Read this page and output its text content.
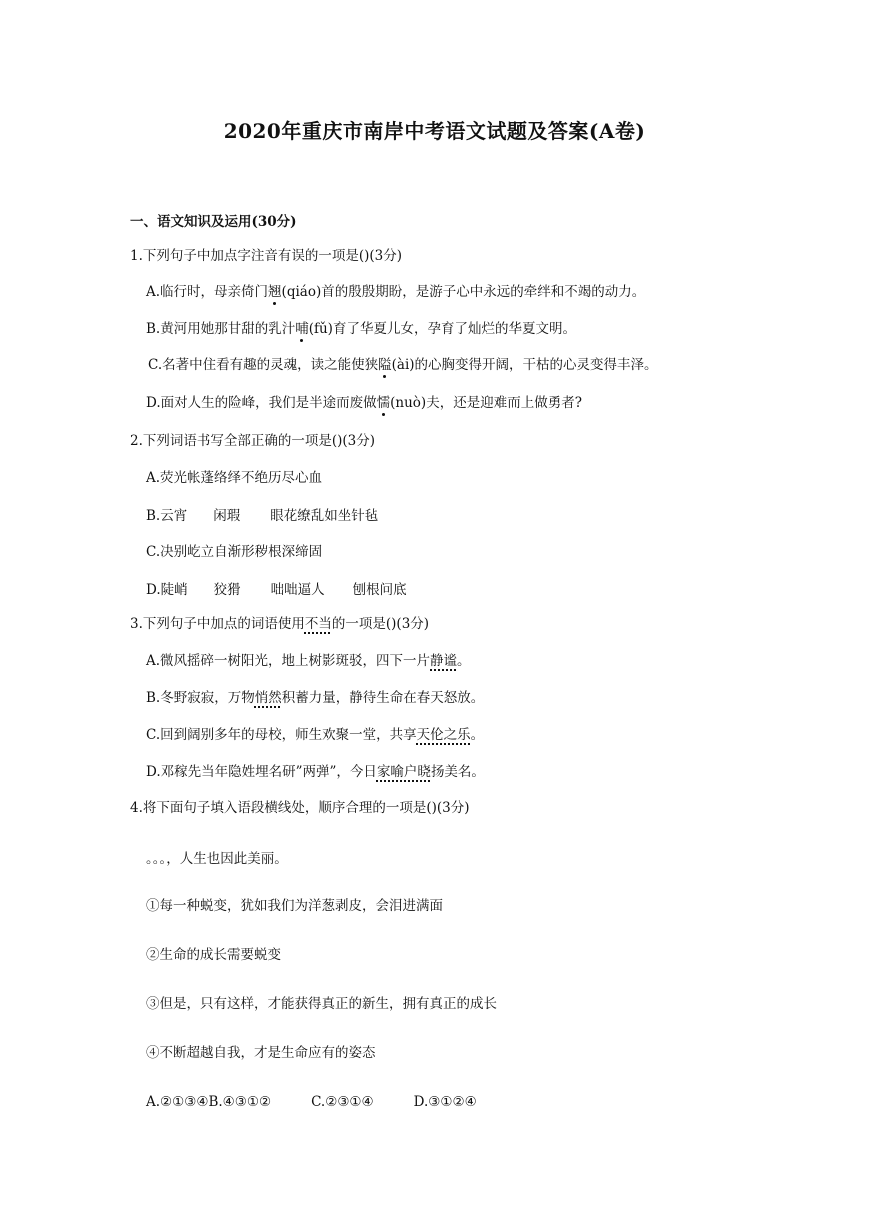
2020年重庆市南岸中考语文试题及答案(A卷)
一、语文知识及运用(30分)
1.下列句子中加点字注音有误的一项是()(3分)
A.临行时，母亲倚门翘(qiáo)首的殷殷期盼，是游子心中永远的牵绊和不竭的动力。
B.黄河用她那甘甜的乳汁哺(fǔ)育了华夏儿女，孕育了灿烂的华夏文明。
C.名著中住看有趣的灵魂，读之能使狭隘(ài)的心胸变得开阔，干枯的心灵变得丰泽。
D.面对人生的险峰，我们是半途而废做懦(nuò)夫，还是迎难而上做勇者?
2.下列词语书写全部正确的一项是()(3分)
A.荧光帐蓬络绎不绝历尽心血
B.云宵 闲瑕 眼花缭乱如坐针毡
C.决别屹立自渐形秽根深缔固
D.陡峭 狡猾 咄咄逼人 刨根问底
3.下列句子中加点的词语使用不当的一项是()(3分)
A.微风摇碎一树阳光，地上树影斑驳，四下一片静谧。
B.冬野寂寂，万物悄然积蓄力量，静待生命在春天怒放。
C.回到阔别多年的母校，师生欢聚一堂，共享天伦之乐。
D.邓稼先当年隐姓埋名研”两弹”，今日家喻户晓扬美名。
4.将下面句子填入语段横线处，顺序合理的一项是()(3分)
。。。，人生也因此美丽。
①每一种蜕变，犹如我们为洋葱剥皮，会泪进满面
②生命的成长需要蜕变
③但是，只有这样，才能获得真正的新生，拥有真正的成长
④不断超越自我，才是生命应有的姿态
A.②①③④B.④③①②	C.②③①④	D.③①②④
